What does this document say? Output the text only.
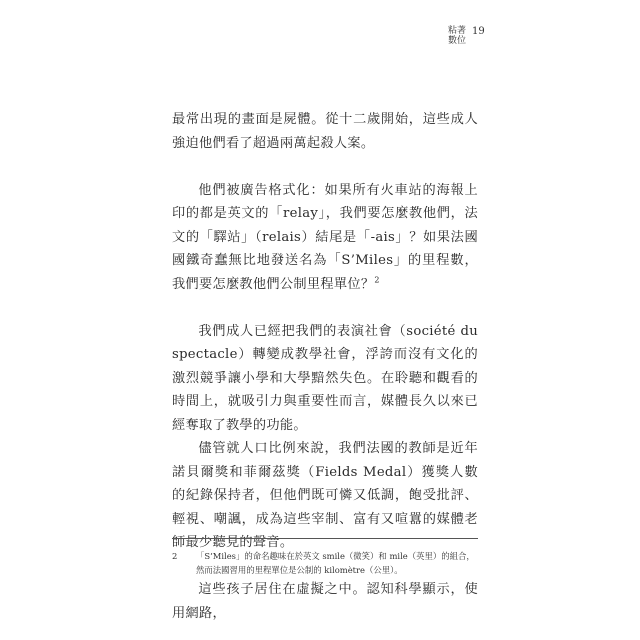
粘著
數位
19

最常出現的畫面是屍體。從十二歲開始，這些成人強迫他們看了超過兩萬起殺人案。

他們被廣告格式化：如果所有火車站的海報上印的都是英文的「relay」，我們要怎麼教他們，法文的「驛站」（relais）結尾是「-ais」？如果法國國鐵奇蠢無比地發送名為「S’Miles」的里程數，我們要怎麼教他們公制里程單位？$^2$

我們成人已經把我們的表演社會（société du spectacle）轉變成教學社會，浮誇而沒有文化的激烈競爭讓小學和大學黯然失色。在聆聽和觀看的時間上，就吸引力與重要性而言，媒體長久以來已經奪取了教學的功能。

儘管就人口比例來說，我們法國的教師是近年諾貝爾獎和菲爾茲獎（Fields Medal）獲獎人數的紀錄保持者，但他們既可憐又低調，飽受批評、輕視、嘲諷，成為這些宰制、富有又喧囂的媒體老師最少聽見的聲音。

這些孩子居住在虛擬之中。認知科學顯示，使用網路，

2	「S’Miles」的命名趣味在於英文 smile（微笑）和 mile（英里）的組合，然而法國習用的里程單位是公制的 kilomètre（公里）。
